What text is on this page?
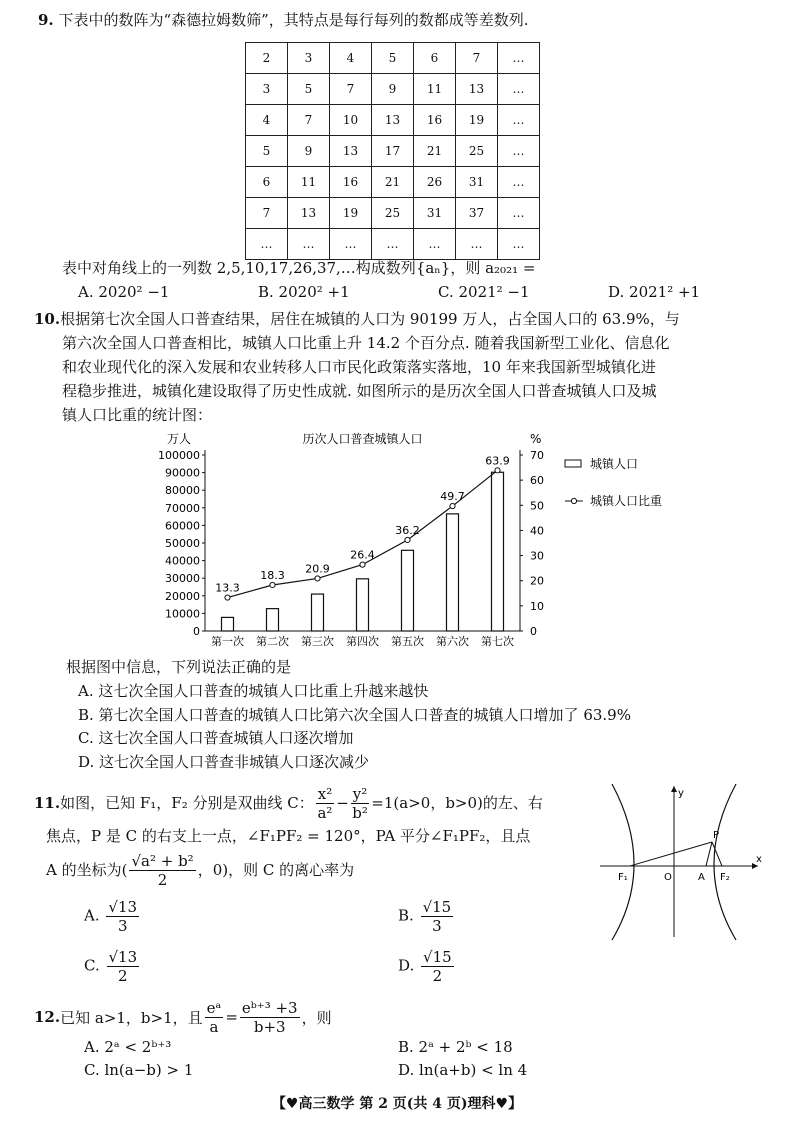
9. 下表中的数阵为“森德拉姆数筛”，其特点是每行每列的数都成等差数列.
2	3	4	5	6	7	…
3	5	7	9	11	13	…
4	7	10	13	16	19	…
5	9	13	17	21	25	…
6	11	16	21	26	31	…
7	13	19	25	31	37	…
…	…	…	…	…	…	…
表中对角线上的一列数 2,5,10,17,26,37,…构成数列{aₙ}，则 a₂₀₂₁ =
A. 2020² −1	B. 2020² +1	C. 2021² −1	D. 2021² +1
10.根据第七次全国人口普查结果，居住在城镇的人口为 90199 万人，占全国人口的 63.9%，与
第六次全国人口普查相比，城镇人口比重上升 14.2 个百分点. 随着我国新型工业化、信息化
和农业现代化的深入发展和农业转移人口市民化政策落实落地，10 年来我国新型城镇化进
程稳步推进，城镇化建设取得了历史性成就. 如图所示的是历次全国人口普查城镇人口及城
镇人口比重的统计图：
0
10000
20000
30000
40000
50000
60000
70000
80000
90000
100000
0
10
20
30
40
50
60
70
万人	%
历次人口普查城镇人口
第一次 第二次 第三次 第四次 第五次 第六次 第七次
13.3
18.3
20.9
26.4
36.2
49.7
63.9	城镇人口
城镇人口比重
根据图中信息，下列说法正确的是
A. 这七次全国人口普查的城镇人口比重上升越来越快
B. 第七次全国人口普查的城镇人口比第六次全国人口普查的城镇人口增加了 63.9%
C. 这七次全国人口普查城镇人口逐次增加
D. 这七次全国人口普查非城镇人口逐次减少
11. 如图，已知 F₁，F₂ 分别是双曲线 C： $\frac{\text{x²}}{\text{a²}} - \frac{\text{y²}}{\text{b²}} =1(a>0$，b>0)的左、右
焦点，P 是 C 的右支上一点，∠F₁PF₂ = 120°，PA 平分∠F₁PF₂，且点
A 的坐标为( $\frac{\text{√a² + b²}}{2}$ ，0)，则 C 的离心率为
A. $\frac{√13}{3}$	B. $\frac{√15}{3}$
C. $\frac{√13}{2}$	D. $\frac{√15}{2}$
y
x
P
F₁	O	A F₂
12. 已知 a>1，b>1，且 $\frac{\text{eᵃ}}{a} = \frac{\text{eᵇ⁺³ +3}}{b+3}$ ，则
A. 2ᵃ < 2ᵇ⁺³	B. 2ᵃ + 2ᵇ < 18
C. ln(a−b) > 1	D. ln(a+b) < ln 4
【♥高三数学 第 2 页(共 4 页)理科♥】
